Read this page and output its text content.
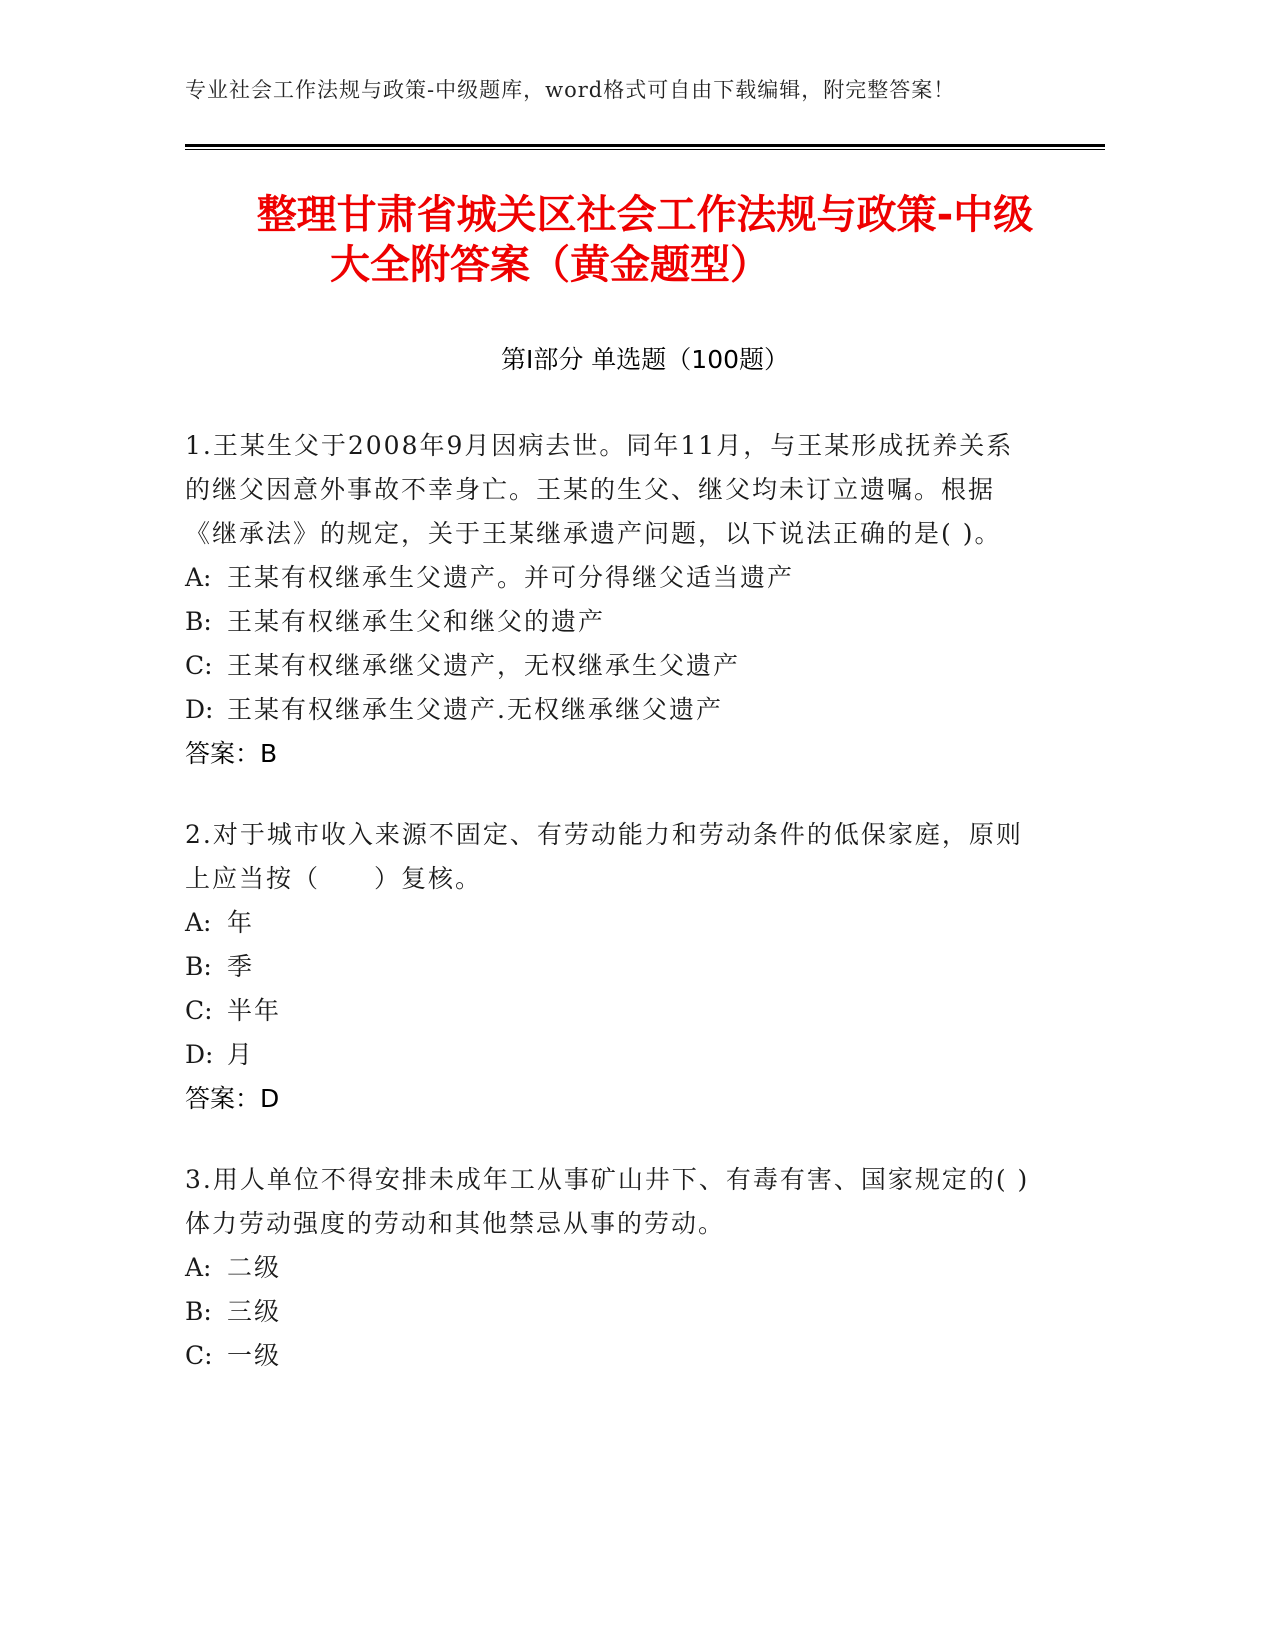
专业社会工作法规与政策-中级题库，word格式可自由下载编辑，附完整答案！
整理甘肃省城关区社会工作法规与政策-中级
大全附答案（黄金题型）
第Ⅰ部分 单选题（100题）

1.王某生父于2008年9月因病去世。同年11月，与王某形成抚养关系的继父因意外事故不幸身亡。王某的生父、继父均未订立遗嘱。根据《继承法》的规定，关于王某继承遗产问题，以下说法正确的是( )。

A: 王某有权继承生父遗产。并可分得继父适当遗产

B: 王某有权继承生父和继父的遗产

C: 王某有权继承继父遗产，无权继承生父遗产

D: 王某有权继承生父遗产.无权继承继父遗产

答案：B

2.对于城市收入来源不固定、有劳动能力和劳动条件的低保家庭，原则上应当按（　　）复核。

A: 年

B: 季

C: 半年

D: 月

答案：D

3.用人单位不得安排未成年工从事矿山井下、有毒有害、国家规定的( )体力劳动强度的劳动和其他禁忌从事的劳动。

A: 二级

B: 三级

C: 一级
